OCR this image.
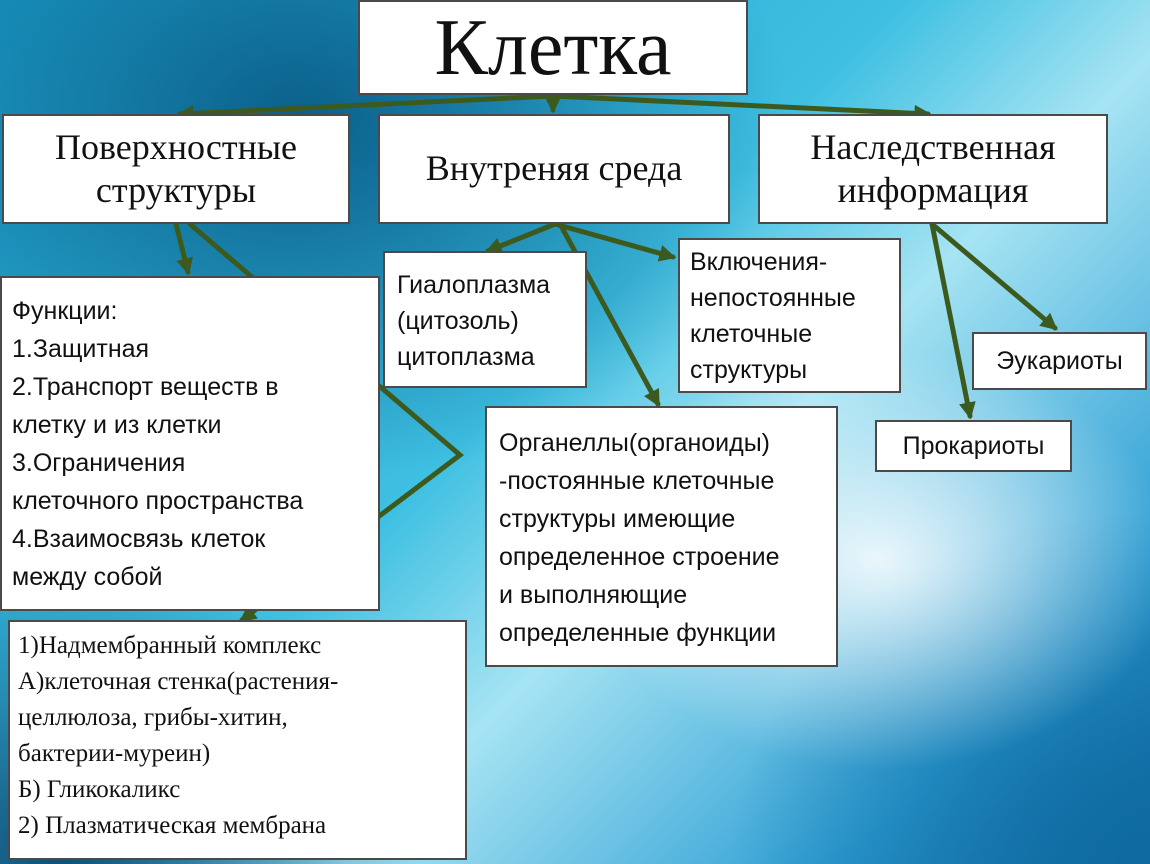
Клетка
Поверхностные
структуры
Внутреняя среда
Наследственная
информация
Функции:
1.Защитная
2.Транспорт веществ в
клетку и из клетки
3.Ограничения
клеточного пространства
4.Взаимосвязь клеток
между собой
1)Надмембранный комплекс
А)клеточная стенка(растения-
целлюлоза, грибы-хитин,
бактерии-муреин)
Б) Гликокаликс
2) Плазматическая мембрана
Гиалоплазма
(цитозоль)
цитоплазма
Включения-
непостоянные
клеточные
структуры
Органеллы(органоиды)
-постоянные клеточные
структуры имеющие
определенное строение
и выполняющие
определенные функции
Эукариоты
Прокариоты
